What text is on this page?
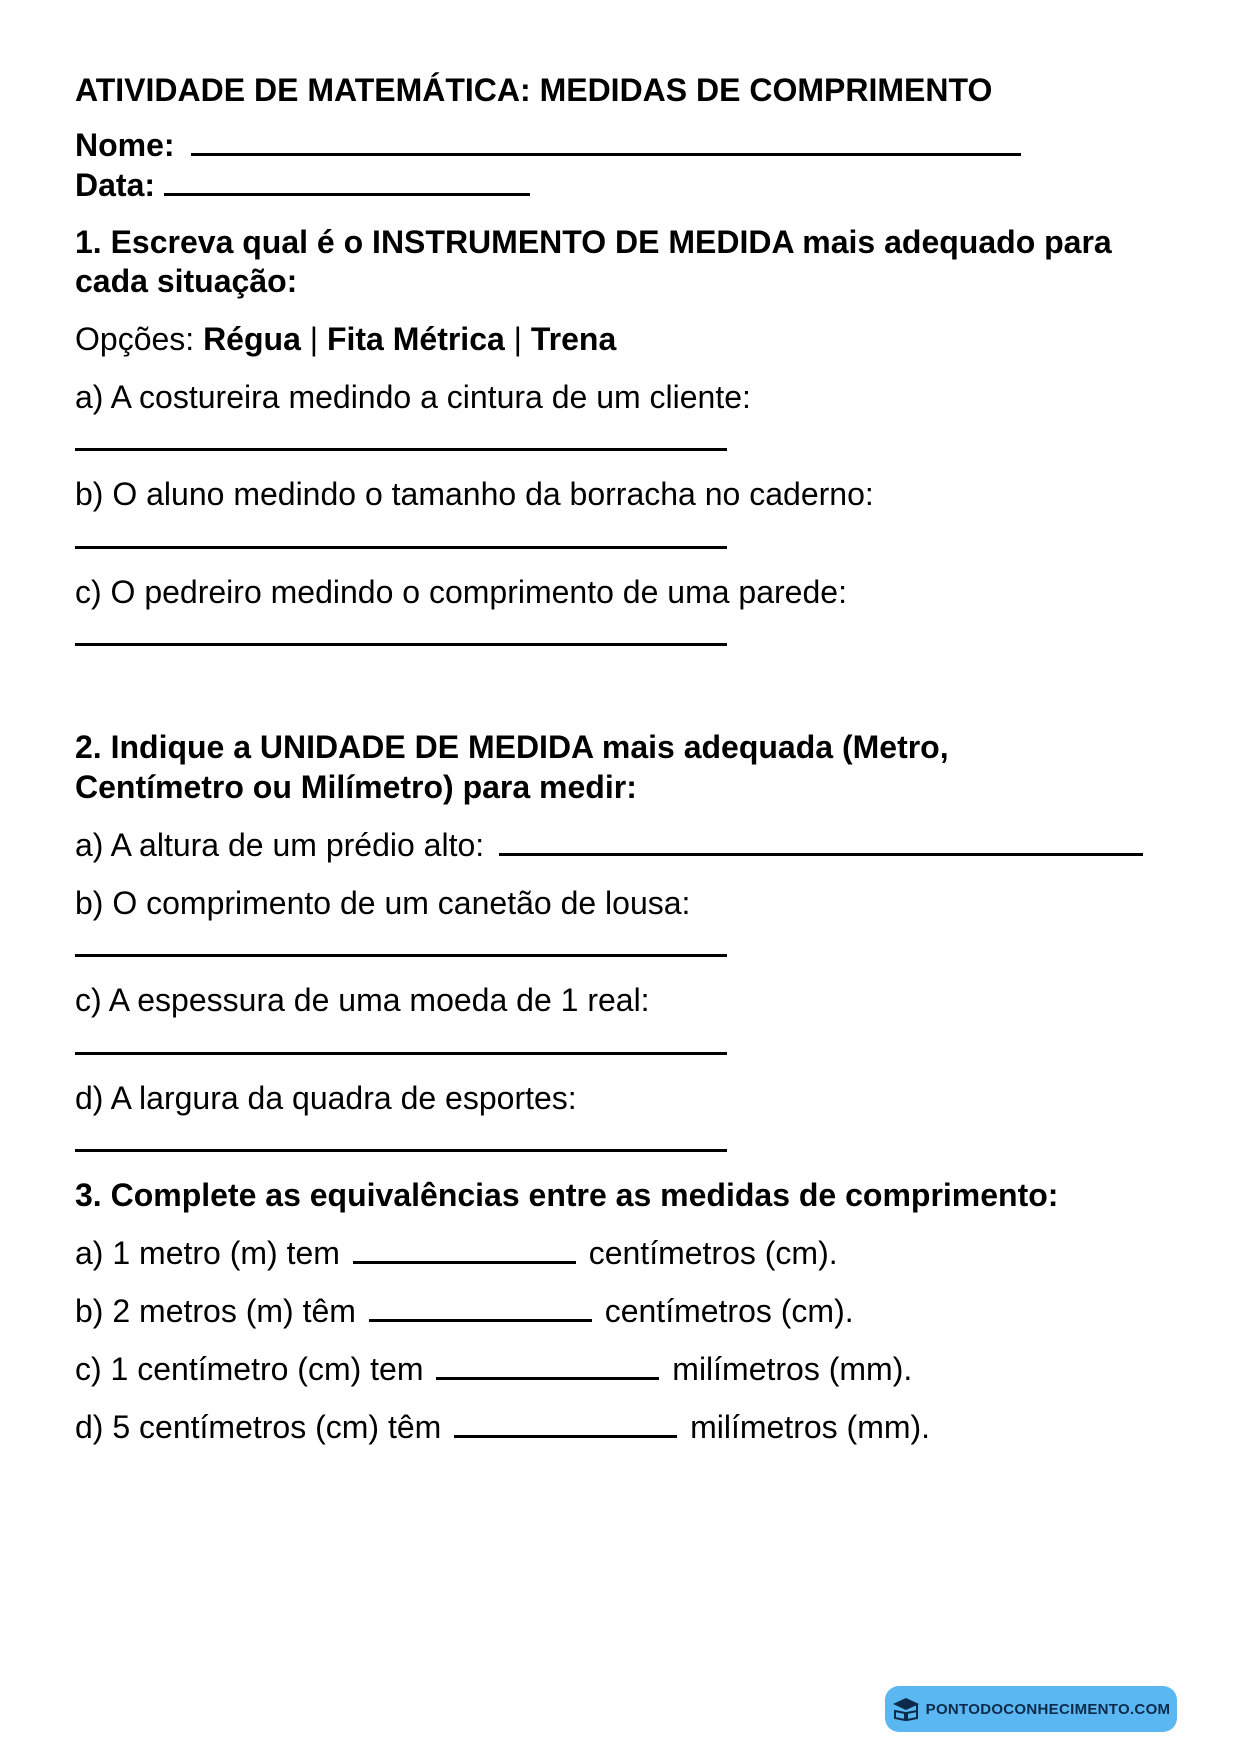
ATIVIDADE DE MATEMÁTICA: MEDIDAS DE COMPRIMENTO
Nome:
Data:
1. Escreva qual é o INSTRUMENTO DE MEDIDA mais adequado para
cada situação:
Opções: Régua | Fita Métrica | Trena
a) A costureira medindo a cintura de um cliente:
b) O aluno medindo o tamanho da borracha no caderno:
c) O pedreiro medindo o comprimento de uma parede:
2. Indique a UNIDADE DE MEDIDA mais adequada (Metro,
Centímetro ou Milímetro) para medir:
a) A altura de um prédio alto:
b) O comprimento de um canetão de lousa:
c) A espessura de uma moeda de 1 real:
d) A largura da quadra de esportes:
3. Complete as equivalências entre as medidas de comprimento:
a) 1 metro (m) tem	centímetros (cm).
b) 2 metros (m) têm	centímetros (cm).
c) 1 centímetro (cm) tem	milímetros (mm).
d) 5 centímetros (cm) têm	milímetros (mm).
PONTODOCONHECIMENTO.COM
